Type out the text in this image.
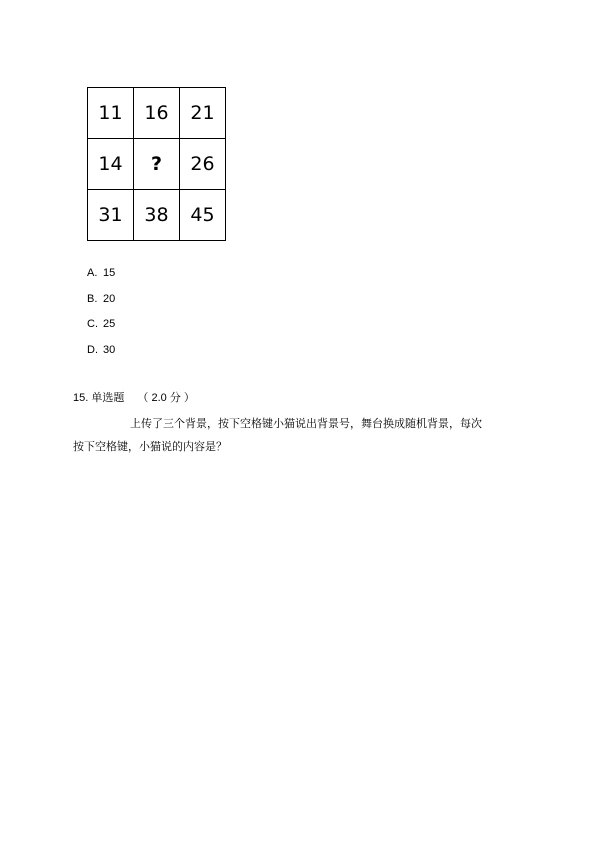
11	16	21
14	?	26
31	38	45
A. 15
B. 20
C. 25
D. 30
15. 单选题 （ 2.0 分 ）
上传了三个背景，按下空格键小猫说出背景号，舞台换成随机背景，每次
按下空格键，小猫说的内容是？
